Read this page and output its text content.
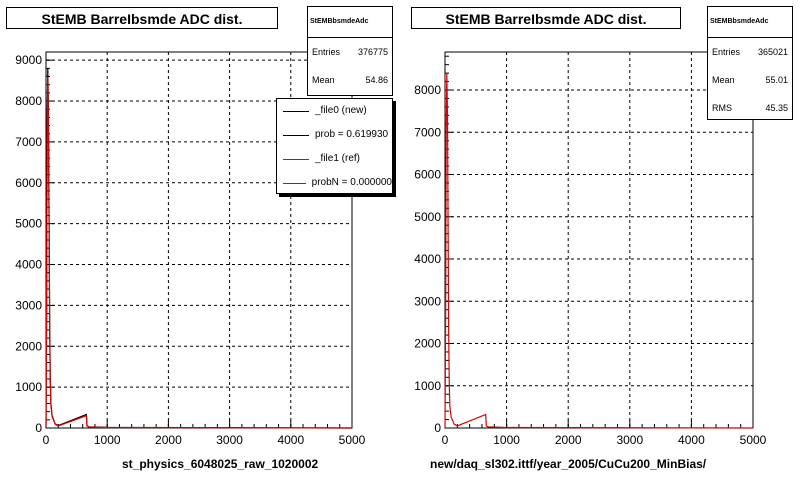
StEMB BarreIbsmde ADC dist.
0	1000	2000	3000	4000	5000
0
1000
2000
3000
4000
5000
6000
7000
8000
9000
StEMBbsmdeAdc
Entries 376775
Mean	54.86
_file0 (new)
prob = 0.619930
_file1 (ref)
probN = 0.000000
st_physics_6048025_raw_1020002
StEMB BarreIbsmde ADC dist.
0	1000	2000	3000	4000	5000
0
1000
2000
3000
4000
5000
6000
7000
8000
StEMBbsmdeAdc
Entries 365021
Mean	55.01
RMS	45.35
new/daq_sl302.ittf/year_2005/CuCu200_MinBias/
